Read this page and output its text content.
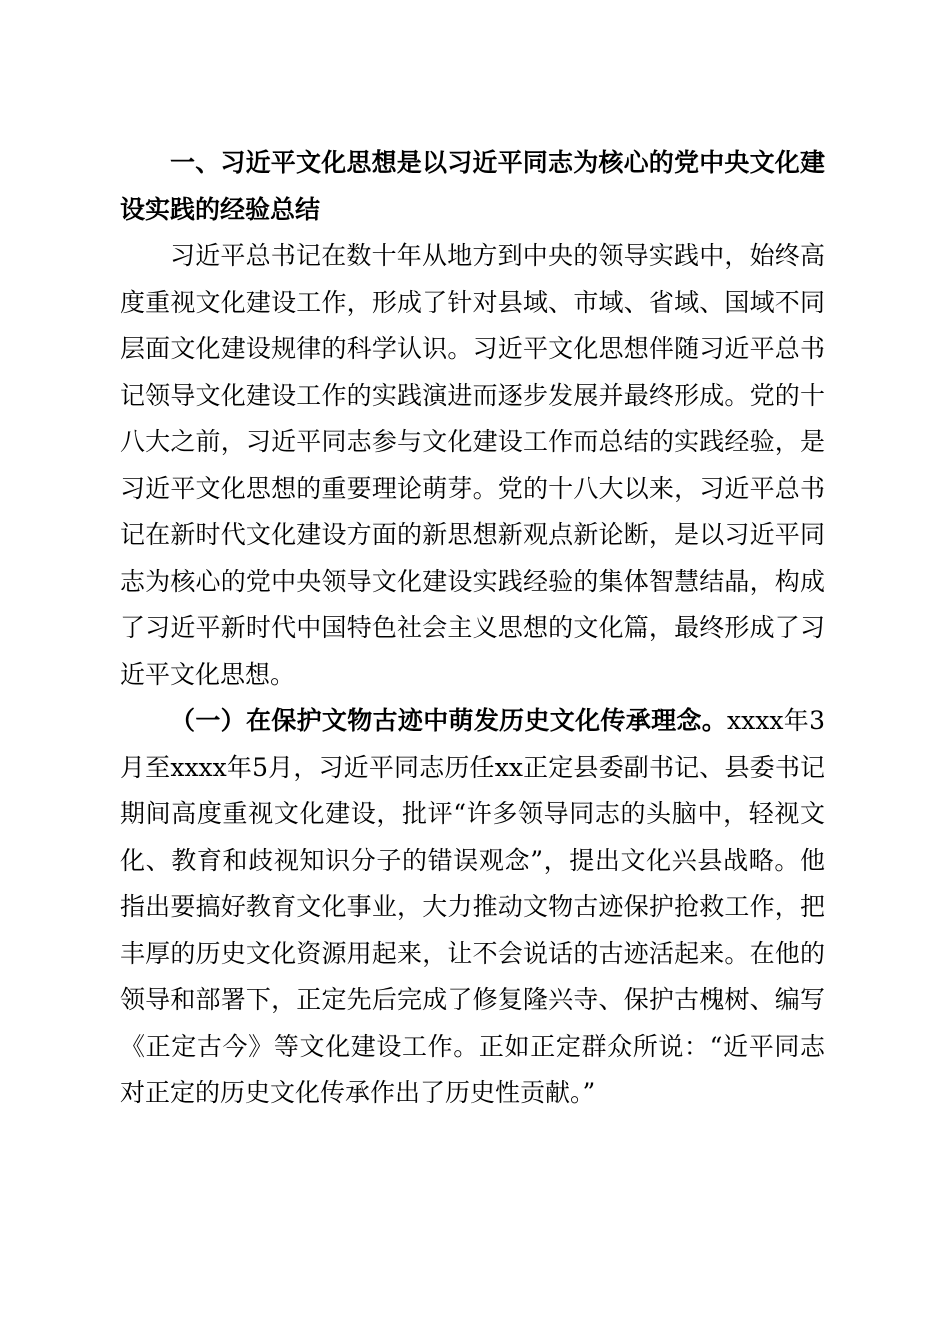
一、习近平文化思想是以习近平同志为核心的党中央文化建设实践的经验总结

习近平总书记在数十年从地方到中央的领导实践中，始终高度重视文化建设工作，形成了针对县域、市域、省域、国域不同层面文化建设规律的科学认识。习近平文化思想伴随习近平总书记领导文化建设工作的实践演进而逐步发展并最终形成。党的十八大之前，习近平同志参与文化建设工作而总结的实践经验，是习近平文化思想的重要理论萌芽。党的十八大以来，习近平总书记在新时代文化建设方面的新思想新观点新论断，是以习近平同志为核心的党中央领导文化建设实践经验的集体智慧结晶，构成了习近平新时代中国特色社会主义思想的文化篇，最终形成了习近平文化思想。

（一）在保护文物古迹中萌发历史文化传承理念。xxxx年3月至xxxx年5月，习近平同志历任xx正定县委副书记、县委书记期间高度重视文化建设，批评“许多领导同志的头脑中，轻视文化、教育和歧视知识分子的错误观念”，提出文化兴县战略。他指出要搞好教育文化事业，大力推动文物古迹保护抢救工作，把丰厚的历史文化资源用起来，让不会说话的古迹活起来。在他的领导和部署下，正定先后完成了修复隆兴寺、保护古槐树、编写《正定古今》等文化建设工作。正如正定群众所说：“近平同志对正定的历史文化传承作出了历史性贡献。”
